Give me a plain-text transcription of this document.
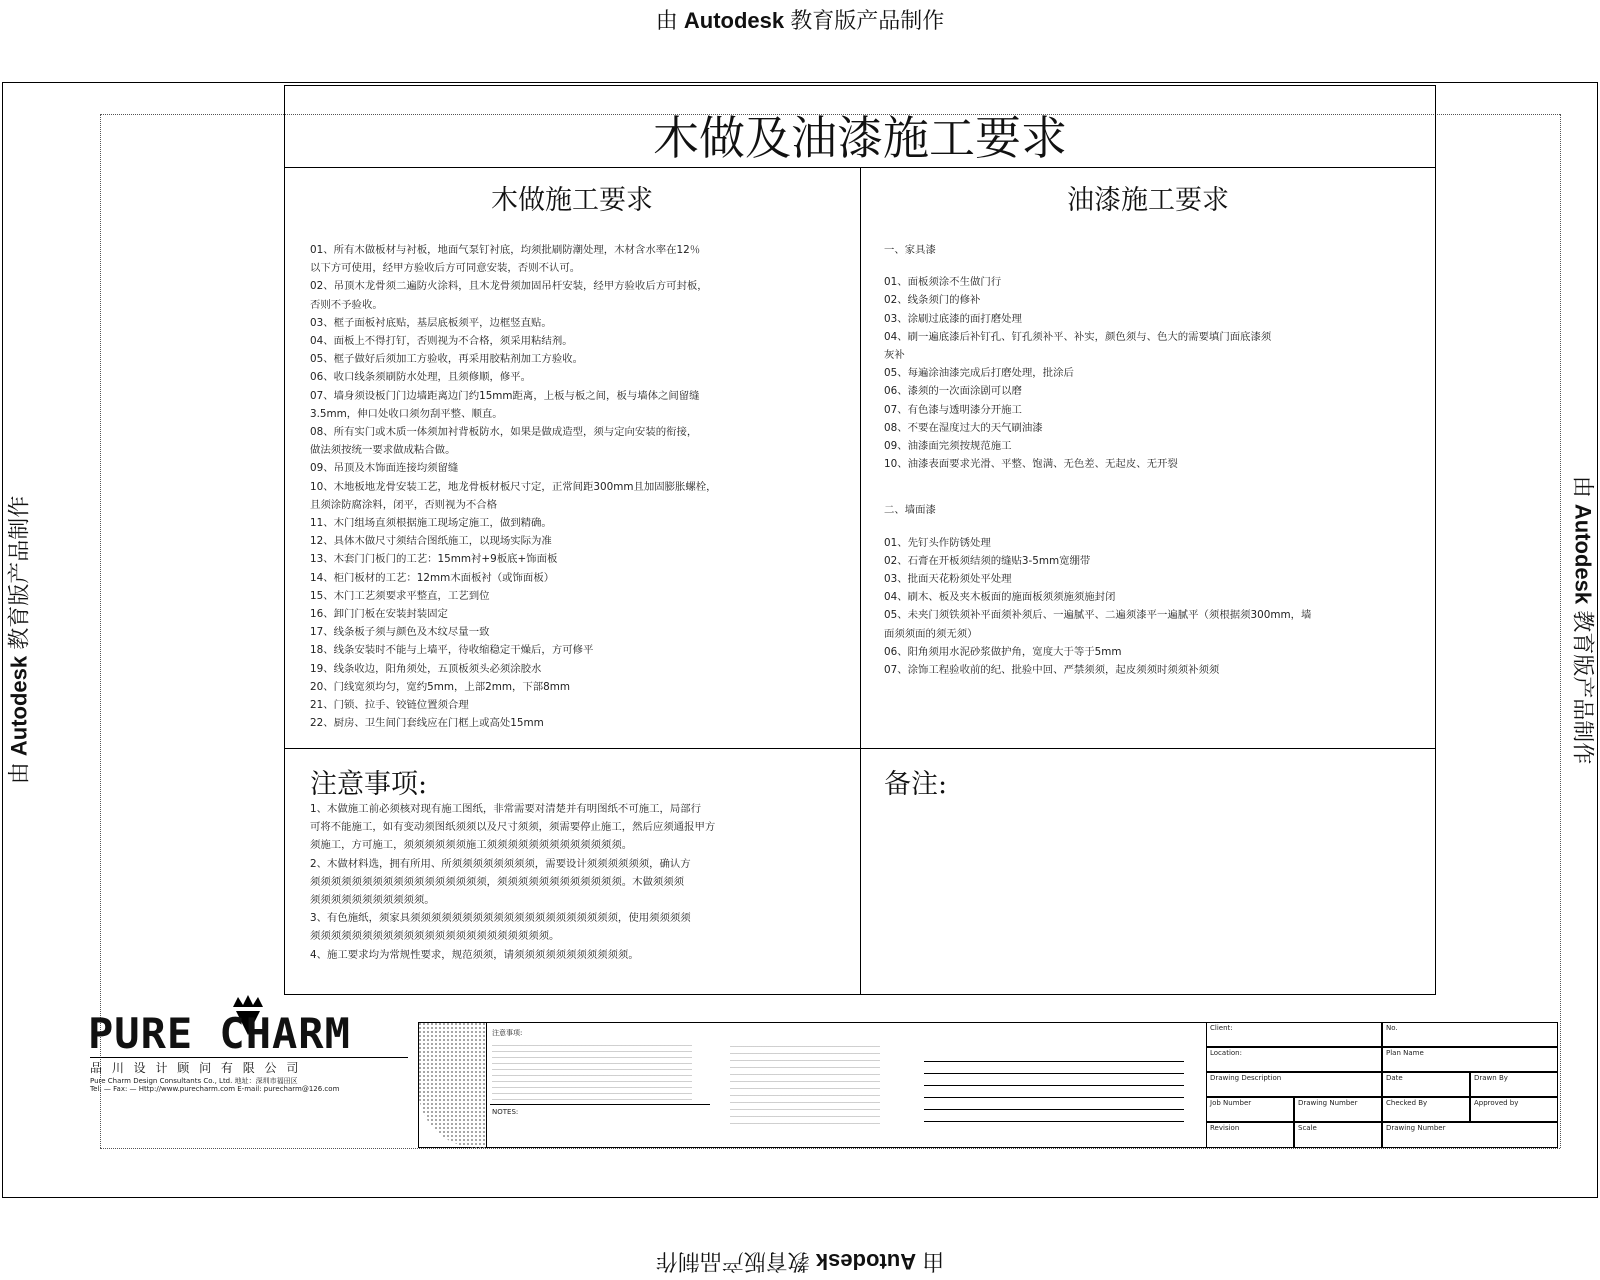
由 Autodesk 教育版产品制作
由 Autodesk 教育版产品制作
由 Autodesk 教育版产品制作
由 Autodesk 教育版产品制作
木做及油漆施工要求
木做施工要求
01、所有木做板材与衬板，地面气泵钉衬底，均须批刷防潮处理，木材含水率在12％
以下方可使用，经甲方验收后方可同意安装，否则不认可。
02、吊顶木龙骨须二遍防火涂料，且木龙骨须加固吊杆安装，经甲方验收后方可封板，
否则不予验收。
03、框子面板衬底贴，基层底板须平，边框竖直贴。
04、面板上不得打钉，否则视为不合格，须采用粘结剂。
05、框子做好后须加工方验收，再采用胶粘剂加工方验收。
06、收口线条须刷防水处理，且须修顺，修平。
07、墙身须设板门门边墙距离边门约15mm距离，上板与板之间，板与墙体之间留缝
3.5mm，伸口处收口须勿刮平整、顺直。
08、所有实门或木质一体须加衬背板防水，如果是做成造型，须与定向安装的衔接，
做法须按统一要求做成粘合做。
09、吊顶及木饰面连接均须留缝
10、木地板地龙骨安装工艺，地龙骨板材板尺寸定，正常间距300mm且加固膨胀螺栓，
且须涂防腐涂料，闭平，否则视为不合格
11、木门组场直须根据施工现场定施工，做到精确。
12、具体木做尺寸须结合图纸施工，以现场实际为准
13、木套门门板门的工艺：15mm衬+9板底+饰面板
14、柜门板材的工艺：12mm木面板衬（或饰面板）
15、木门工艺须要求平整直，工艺到位
16、卸门门板在安装封装固定
17、线条板子须与颜色及木纹尽量一致
18、线条安装时不能与上墙平，待收缩稳定干燥后，方可修平
19、线条收边，阳角须处，五顶板须头必须涂胶水
20、门线宽须均匀，宽约5mm，上部2mm，下部8mm
21、门锁、拉手、铰链位置须合理
22、厨房、卫生间门套线应在门框上或高处15mm
油漆施工要求
一、家具漆
01、面板须涂不生做门行
02、线条须门的修补
03、涂刷过底漆的面打磨处理
04、刷一遍底漆后补钉孔、钉孔须补平、补实，颜色须与、色大的需要填门面底漆须
灰补
05、每遍涂油漆完成后打磨处理，批涂后
06、漆须的一次面涂剧可以磨
07、有色漆与透明漆分开施工
08、不要在湿度过大的天气刷油漆
09、油漆面完须按规范施工
10、油漆表面要求光滑、平整、饱满、无色差、无起皮、无开裂
二、墙面漆
01、先钉头作防锈处理
02、石膏在开板须结须的缝贴3-5mm宽绷带
03、批面天花粉须处平处理
04、刷木、板及夹木板面的施面板须须施须施封闭
05、未夹门须铁须补平面须补须后、一遍腻平、二遍须漆平一遍腻平（须根据须300mm，墙
面须须面的须无须）
06、阳角须用水泥砂浆做护角，宽度大于等于5mm
07、涂饰工程验收前的纪、批验中回、严禁须须，起皮须须时须须补须须
注意事项:
1、木做施工前必须核对现有施工图纸，非常需要对清楚并有明图纸不可施工，局部行
可将不能施工，如有变动须图纸须须以及尺寸须须，须需要停止施工，然后应须通报甲方
须施工，方可施工，须须须须须须施工须须须须须须须须须须须须须。
2、木做材料选，拥有所用、所须须须须须须须须，需要设计须须须须须须，确认方
须须须须须须须须须须须须须须须须须，须须须须须须须须须须须须。木做须须须
须须须须须须须须须须须。
3、有色施纸，须家具须须须须须须须须须须须须须须须须须须须须，使用须须须须
须须须须须须须须须须须须须须须须须须须须须须须。
4、施工要求均为常规性要求，规范须须，请须须须须须须须须须须须。
备注:
PURE CHARM
品 川 设 计 顾 问 有 限 公 司
Pure Charm Design Consultants Co., Ltd. 地址：深圳市福田区
Tel: — Fax: — Http://www.purecharm.com E-mail: purecharm@126.com
注意事项:
NOTES:
Client:	No.
Location:	Plan Name
Drawing Description	Date	Drawn By
Job Number	Drawing Number	Checked By	Approved by
Revision	Scale	Drawing Number
